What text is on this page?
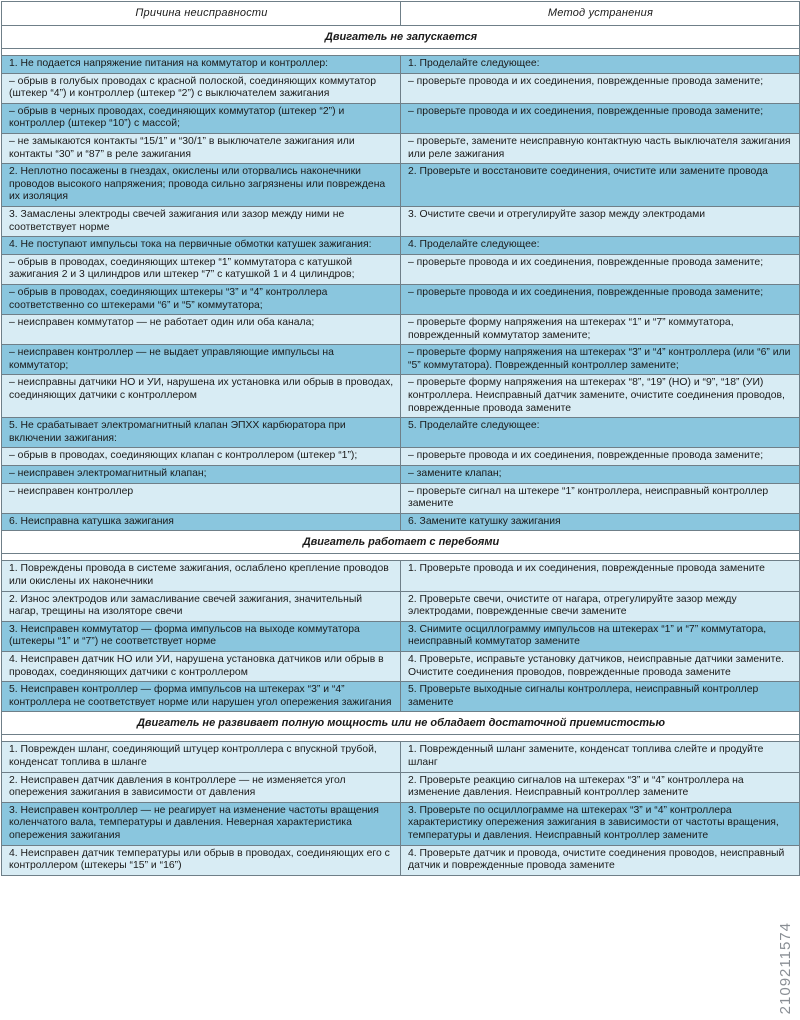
Причина неисправности	Метод устранения
Двигатель не запускается	

1. Не подается напряжение питания на коммутатор и контроллер:	1. Проделайте следующее:
– обрыв в голубых проводах с красной полоской, соединяющих коммутатор (штекер “4”) и контроллер (штекер “2”) с выключателем зажигания	– проверьте провода и их соединения, поврежденные провода замените;
– обрыв в черных проводах, соединяющих коммутатор (штекер “2”) и контроллер (штекер “10”) с массой;	– проверьте провода и их соединения, поврежденные провода замените;
– не замыкаются контакты “15/1” и “30/1” в выключателе зажигания или контакты “30” и “87” в реле зажигания	– проверьте, замените неисправную контактную часть выключателя зажигания или реле зажигания
2. Неплотно посажены в гнездах, окислены или оторвались наконечники проводов высокого напряжения; провода сильно загрязнены или повреждена их изоляция	2. Проверьте и восстановите соединения, очистите или замените провода
3. Замаслены электроды свечей зажигания или зазор между ними не соответствует норме	3. Очистите свечи и отрегулируйте зазор между электродами
4. Не поступают импульсы тока на первичные обмотки катушек зажигания:	4. Проделайте следующее:
– обрыв в проводах, соединяющих штекер “1” коммутатора с катушкой зажигания 2 и 3 цилиндров или штекер “7” с катушкой 1 и 4 цилиндров;	– проверьте провода и их соединения, поврежденные провода замените;
– обрыв в проводах, соединяющих штекеры “3” и “4” контроллера соответственно со штекерами “6” и “5” коммутатора;	– проверьте провода и их соединения, поврежденные провода замените;
– неисправен коммутатор — не работает один или оба канала;	– проверьте форму напряжения на штекерах “1” и “7” коммутатора, поврежденный коммутатор замените;
– неисправен контроллер — не выдает управляющие импульсы на коммутатор;	– проверьте форму напряжения на штекерах “3” и “4” контроллера (или “6” или “5” коммутатора). Поврежденный контроллер замените;
– неисправны датчики НО и УИ, нарушена их установка или обрыв в проводах, соединяющих датчики с контроллером	– проверьте форму напряжения на штекерах “8”, “19” (НО) и “9”, “18” (УИ) контроллера. Неисправный датчик замените, очистите соединения проводов, поврежденные провода замените
5. Не срабатывает электромагнитный клапан ЭПХХ карбюратора при включении зажигания:	5. Проделайте следующее:
– обрыв в проводах, соединяющих клапан с контроллером (штекер “1”);	– проверьте провода и их соединения, поврежденные провода замените;
– неисправен электромагнитный клапан;	– замените клапан;
– неисправен контроллер	– проверьте сигнал на штекере “1” контроллера, неисправный контроллер замените
6. Неисправна катушка зажигания	6. Замените катушку зажигания
Двигатель работает с перебоями	

1. Повреждены провода в системе зажигания, ослаблено крепление проводов или окислены их наконечники	1. Проверьте провода и их соединения, поврежденные провода замените
2. Износ электродов или замасливание свечей зажигания, значительный нагар, трещины на изоляторе свечи	2. Проверьте свечи, очистите от нагара, отрегулируйте зазор между электродами, поврежденные свечи замените
3. Неисправен коммутатор — форма импульсов на выходе коммутатора (штекеры “1” и “7”) не соответствует норме	3. Снимите осциллограмму импульсов на штекерах “1” и “7” коммутатора, неисправный коммутатор замените
4. Неисправен датчик НО или УИ, нарушена установка датчиков или обрыв в проводах, соединяющих датчики с контроллером	4. Проверьте, исправьте установку датчиков, неисправные датчики замените. Очистите соединения проводов, поврежденные провода замените
5. Неисправен контроллер — форма импульсов на штекерах “3” и “4” контроллера не соответствует норме или нарушен угол опережения зажигания	5. Проверьте выходные сигналы контроллера, неисправный контроллер замените
Двигатель не развивает полную мощность или не обладает достаточной приемистостью	

1. Поврежден шланг, соединяющий штуцер контроллера с впускной трубой, конденсат топлива в шланге	1. Поврежденный шланг замените, конденсат топлива слейте и продуйте шланг
2. Неисправен датчик давления в контроллере — не изменяется угол опережения зажигания в зависимости от давления	2. Проверьте реакцию сигналов на штекерах “3” и “4” контроллера на изменение давления. Неисправный контроллер замените
3. Неисправен контроллер — не реагирует на изменение частоты вращения коленчатого вала, температуры и давления. Неверная характеристика опережения зажигания	3. Проверьте по осциллограмме на штекерах “3” и “4” контроллера характеристику опережения зажигания в зависимости от частоты вращения, температуры и давления. Неисправный контроллер замените
4. Неисправен датчик температуры или обрыв в проводах, соединяющих его с контроллером (штекеры “15” и “16”)	4. Проверьте датчик и провода, очистите соединения проводов, неисправный датчик и поврежденные провода замените
2109211574
